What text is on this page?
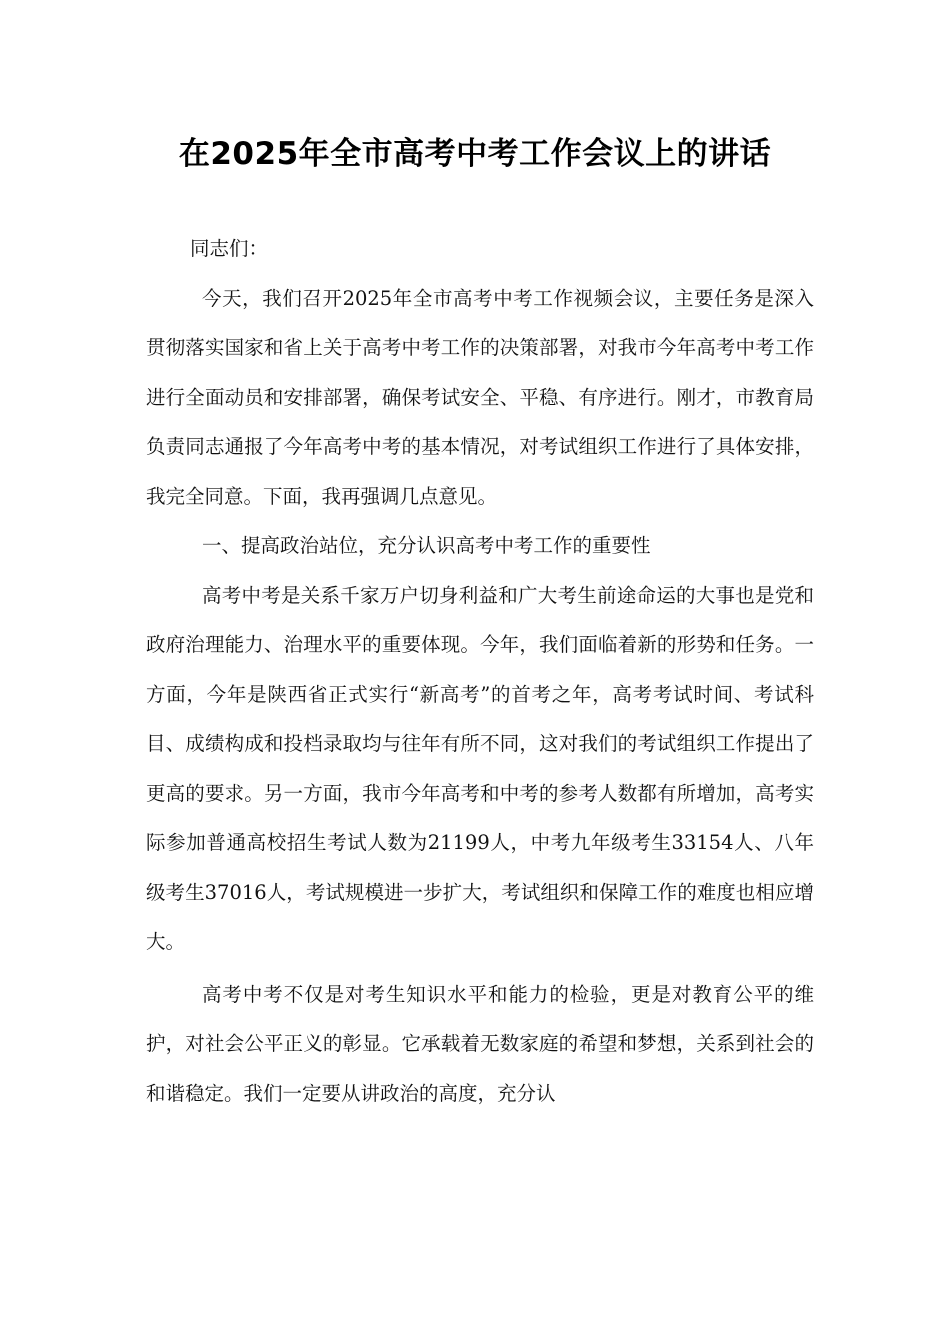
在2025年全市高考中考工作会议上的讲话

同志们：

今天，我们召开2025年全市高考中考工作视频会议，主要任务是深入贯彻落实国家和省上关于高考中考工作的决策部署，对我市今年高考中考工作进行全面动员和安排部署，确保考试安全、平稳、有序进行。刚才，市教育局负责同志通报了今年高考中考的基本情况，对考试组织工作进行了具体安排，我完全同意。下面，我再强调几点意见。

一、提高政治站位，充分认识高考中考工作的重要性

高考中考是关系千家万户切身利益和广大考生前途命运的大事也是党和政府治理能力、治理水平的重要体现。今年，我们面临着新的形势和任务。一方面，今年是陕西省正式实行“新高考”的首考之年，高考考试时间、考试科目、成绩构成和投档录取均与往年有所不同，这对我们的考试组织工作提出了更高的要求。另一方面，我市今年高考和中考的参考人数都有所增加，高考实际参加普通高校招生考试人数为21199人，中考九年级考生33154人、八年级考生37016人，考试规模进一步扩大，考试组织和保障工作的难度也相应增大。

高考中考不仅是对考生知识水平和能力的检验，更是对教育公平的维护，对社会公平正义的彰显。它承载着无数家庭的希望和梦想，关系到社会的和谐稳定。我们一定要从讲政治的高度，充分认
